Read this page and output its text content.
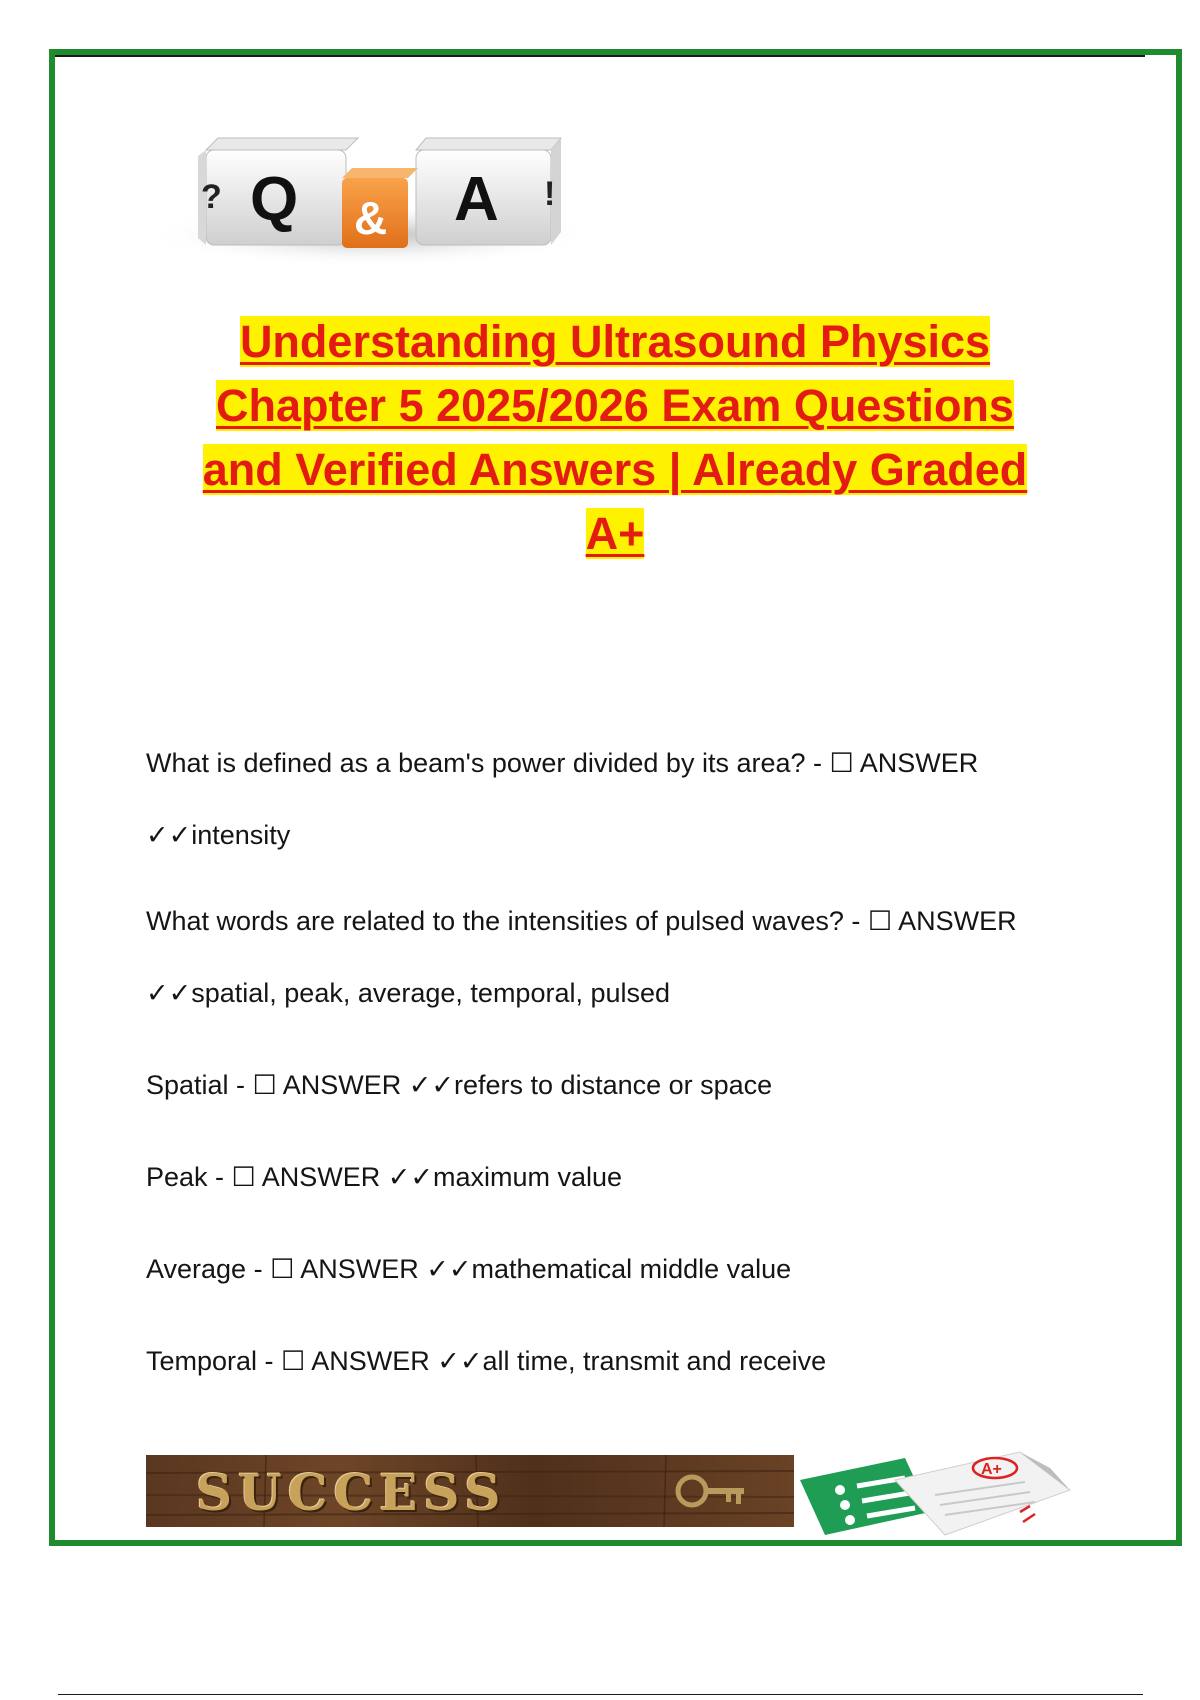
? Q	A !
&
Understanding Ultrasound Physics
Chapter 5 2025/2026 Exam Questions
and Verified Answers | Already Graded
A+
What is defined as a beam's power divided by its area? - ☐ ANSWER
✓✓intensity
What words are related to the intensities of pulsed waves? - ☐ ANSWER
✓✓spatial, peak, average, temporal, pulsed
Spatial - ☐ ANSWER ✓✓refers to distance or space
Peak - ☐ ANSWER ✓✓maximum value
Average - ☐ ANSWER ✓✓mathematical middle value
Temporal - ☐ ANSWER ✓✓all time, transmit and receive
SUCCESS	A+
